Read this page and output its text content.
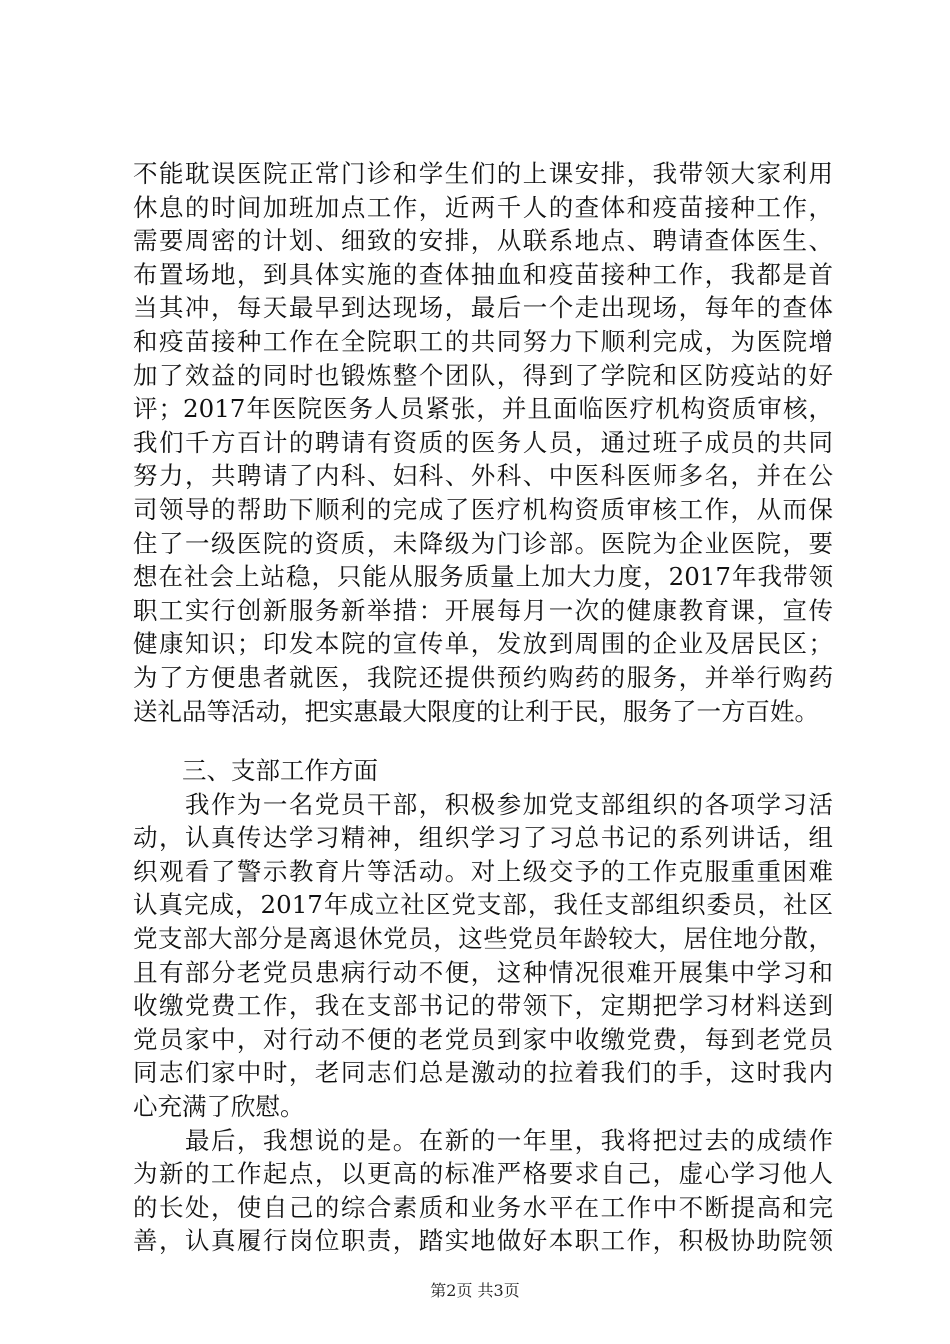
不能耽误医院正常门诊和学生们的上课安排，我带领大家利用
休息的时间加班加点工作，近两千人的查体和疫苗接种工作，
需要周密的计划、细致的安排，从联系地点、聘请查体医生、
布置场地，到具体实施的查体抽血和疫苗接种工作，我都是首
当其冲，每天最早到达现场，最后一个走出现场，每年的查体
和疫苗接种工作在全院职工的共同努力下顺利完成，为医院增
加了效益的同时也锻炼整个团队，得到了学院和区防疫站的好
评；2017年医院医务人员紧张，并且面临医疗机构资质审核，
我们千方百计的聘请有资质的医务人员，通过班子成员的共同
努力，共聘请了内科、妇科、外科、中医科医师多名，并在公
司领导的帮助下顺利的完成了医疗机构资质审核工作，从而保
住了一级医院的资质，未降级为门诊部。医院为企业医院，要
想在社会上站稳，只能从服务质量上加大力度，2017年我带领
职工实行创新服务新举措：开展每月一次的健康教育课，宣传
健康知识；印发本院的宣传单，发放到周围的企业及居民区；
为了方便患者就医，我院还提供预约购药的服务，并举行购药
送礼品等活动，把实惠最大限度的让利于民，服务了一方百姓。
　　三、支部工作方面
　　我作为一名党员干部，积极参加党支部组织的各项学习活
动，认真传达学习精神，组织学习了习总书记的系列讲话，组
织观看了警示教育片等活动。对上级交予的工作克服重重困难
认真完成，2017年成立社区党支部，我任支部组织委员，社区
党支部大部分是离退休党员，这些党员年龄较大，居住地分散，
且有部分老党员患病行动不便，这种情况很难开展集中学习和
收缴党费工作，我在支部书记的带领下，定期把学习材料送到
党员家中，对行动不便的老党员到家中收缴党费，每到老党员
同志们家中时，老同志们总是激动的拉着我们的手，这时我内
心充满了欣慰。
　　最后，我想说的是。在新的一年里，我将把过去的成绩作
为新的工作起点，以更高的标准严格要求自己，虚心学习他人
的长处，使自己的综合素质和业务水平在工作中不断提高和完
善，认真履行岗位职责，踏实地做好本职工作，积极协助院领
第2页 共3页
